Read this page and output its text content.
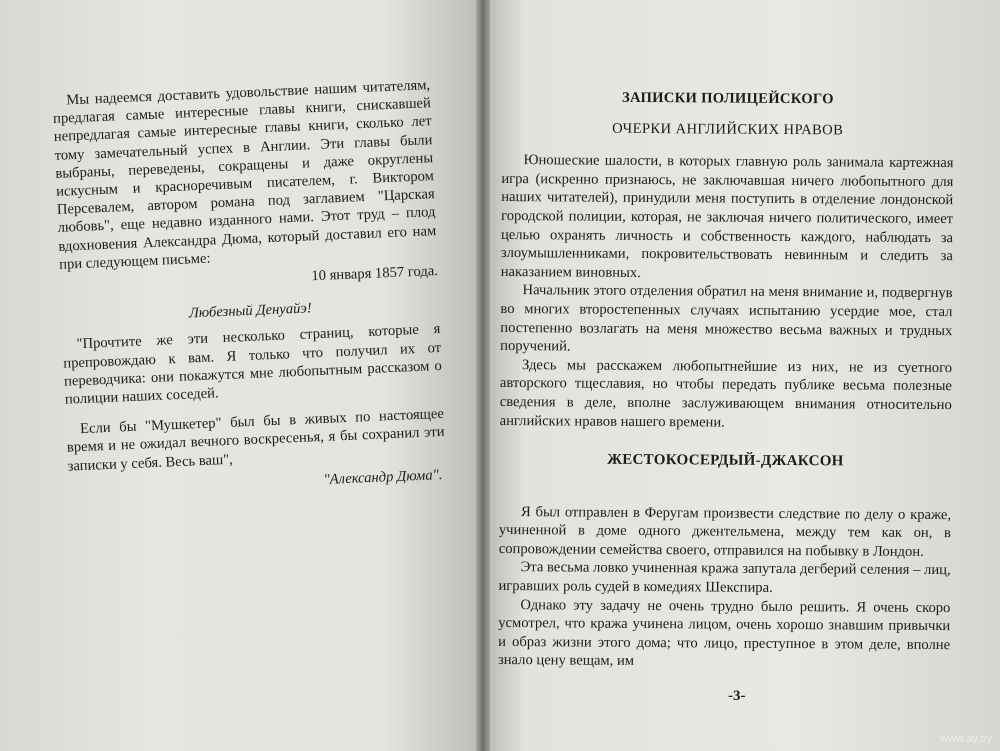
Мы надеемся доставить удовольствие нашим читателям, предлагая самые интересные главы книги, снискавшей непредлагая самые интересные главы книги, сколько лет тому замечательный успех в Англии. Эти главы были выбраны, переведены, сокращены и даже округлены искусным и красноречивым писателем, г. Виктором Персевалем, автором романа под заглавием "Царская любовь", еще недавно изданного нами. Этот труд – плод вдохновения Александра Дюма, который доставил его нам при следующем письме:

10 января 1857 года.
Любезный Денуайэ!

"Прочтите же эти несколько страниц, которые я препровождаю к вам. Я только что получил их от переводчика: они покажутся мне любопытным рассказом о полиции наших соседей.

Если бы "Мушкетер" был бы в живых по настоящее время и не ожидал вечного воскресенья, я бы сохранил эти записки у себя. Весь ваш",

"Александр Дюма".
ЗАПИСКИ ПОЛИЦЕЙСКОГО
ОЧЕРКИ АНГЛИЙСКИХ НРАВОВ

Юношеские шалости, в которых главную роль занимала картежная игра (искренно признаюсь, не заключавшая ничего любопытного для наших читателей), принудили меня поступить в отделение лондонской городской полиции, которая, не заключая ничего политического, имеет целью охранять личность и собственность каждого, наблюдать за злоумышленниками, покровительствовать невинным и следить за наказанием виновных.

Начальник этого отделения обратил на меня внимание и, подвергнув во многих второстепенных случаях испытанию усердие мое, стал постепенно возлагать на меня множество весьма важных и трудных поручений.

Здесь мы расскажем любопытнейшие из них, не из суетного авторского тщеславия, но чтобы передать публике весьма полезные сведения в деле, вполне заслуживающем внимания относительно английских нравов нашего времени.

ЖЕСТОКОСЕРДЫЙ-ДЖАКСОН

Я был отправлен в Феругам произвести следствие по делу о краже, учиненной в доме одного джентельмена, между тем как он, в сопровождении семейства своего, отправился на побывку в Лондон.

Эта весьма ловко учиненная кража запутала дегберий селения – лиц, игравших роль судей в комедиях Шекспира.

Однако эту задачу не очень трудно было решить. Я очень скоро усмотрел, что кража учинена лицом, очень хорошо знавшим привычки и образ жизни этого дома; что лицо, преступное в этом деле, вполне знало цену вещам, им

-3-
www.ay.by
